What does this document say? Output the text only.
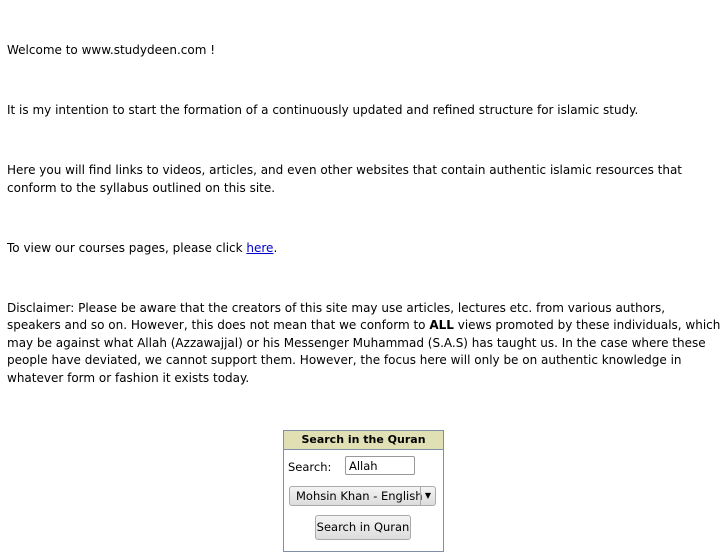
Welcome to www.studydeen.com !

It is my intention to start the formation of a continuously updated and refined structure for islamic study.

Here you will find links to videos, articles, and even other websites that contain authentic islamic resources that conform to the syllabus outlined on this site.

To view our courses pages, please click here.

Disclaimer: Please be aware that the creators of this site may use articles, lectures etc. from various authors, speakers and so on. However, this does not mean that we conform to ALL views promoted by these individuals, which may be against what Allah (Azzawajjal) or his Messenger Muhammad (S.A.S) has taught us. In the case where these people have deviated, we cannot support them. However, the focus here will only be on authentic knowledge in whatever form or fashion it exists today.

Search in the Quran
Search:	Allah
Mohsin Khan - English ▼
Search in Quran
